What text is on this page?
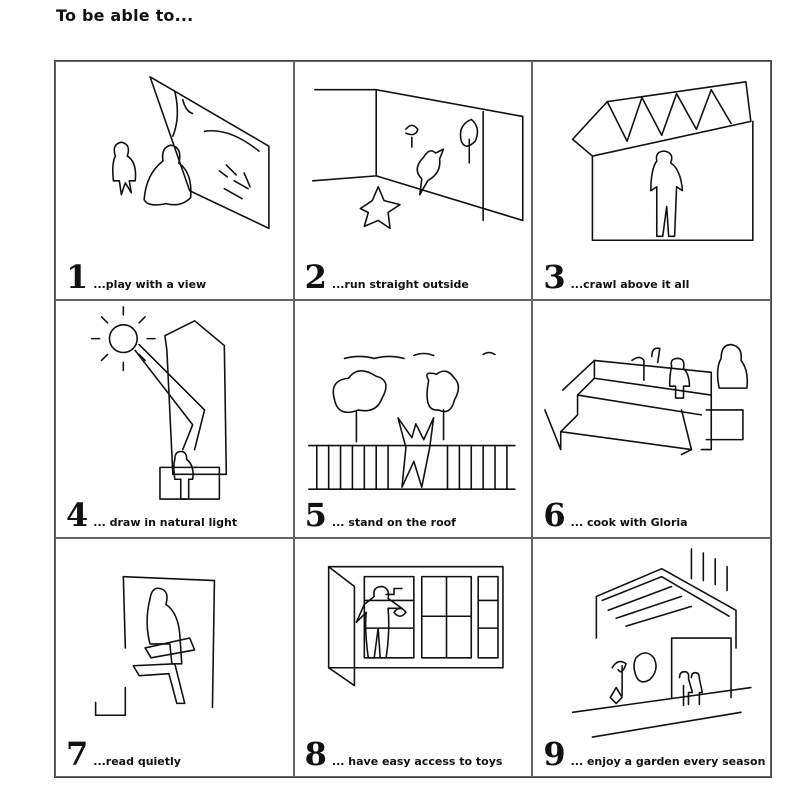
To be able to...
1 ...play with a view	2 ...run straight outside 3 ...crawl above it all
4 ... draw in natural light 5 ... stand on the roof	6 ... cook with Gloria
7 ...read quietly	8 ... have easy access to toys 9 ... enjoy a garden every season
